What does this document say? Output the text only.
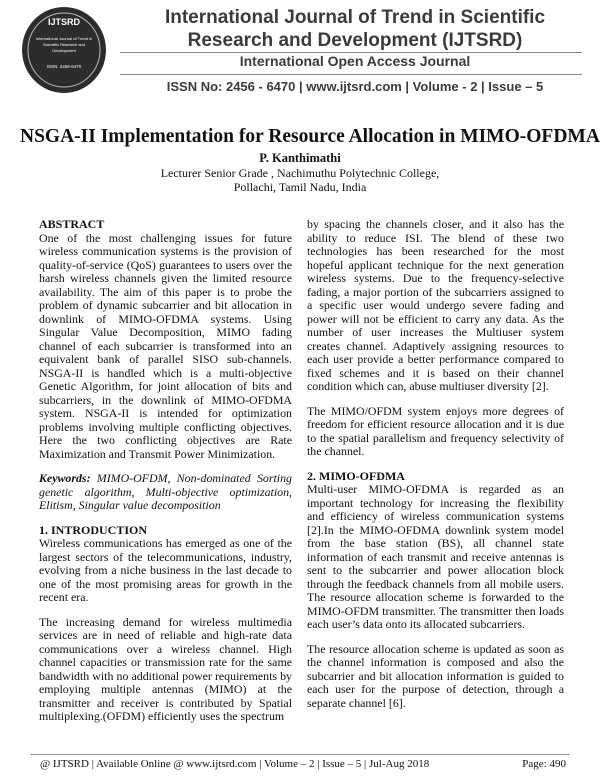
IJTSRD
International Journal of Trend in
Scientific Research and
Development
ISSN: 2456-6470
International Journal of Trend in Scientific
Research and Development (IJTSRD)
International Open Access Journal
ISSN No: 2456 - 6470 | www.ijtsrd.com | Volume - 2 | Issue – 5
NSGA-II Implementation for Resource Allocation in MIMO-OFDMA
P. Kanthimathi
Lecturer Senior Grade , Nachimuthu Polytechnic College,
Pollachi, Tamil Nadu, India
ABSTRACT

One of the most challenging issues for future wireless communication systems is the provision of quality-of-service (QoS) guarantees to users over the harsh wireless channels given the limited resource availability. The aim of this paper is to probe the problem of dynamic subcarrier and bit allocation in downlink of MIMO-OFDMA systems. Using Singular Value Decomposition, MIMO fading channel of each subcarrier is transformed into an equivalent bank of parallel SISO sub-channels. NSGA-II is handled which is a multi-objective Genetic Algorithm, for joint allocation of bits and subcarriers, in the downlink of MIMO-OFDMA system. NSGA-II is intended for optimization problems involving multiple conflicting objectives. Here the two conflicting objectives are Rate Maximization and Transmit Power Minimization.

Keywords: MIMO-OFDM, Non-dominated Sorting genetic algorithm, Multi-objective optimization, Elitism, Singular value decomposition

1. INTRODUCTION

Wireless communications has emerged as one of the largest sectors of the telecommunications, industry, evolving from a niche business in the last decade to one of the most promising areas for growth in the recent era.

The increasing demand for wireless multimedia services are in need of reliable and high-rate data communications over a wireless channel. High channel capacities or transmission rate for the same bandwidth with no additional power requirements by employing multiple antennas (MIMO) at the transmitter and receiver is contributed by Spatial multiplexing.(OFDM) efficiently uses the spectrum

by spacing the channels closer, and it also has the ability to reduce ISI. The blend of these two technologies has been researched for the most hopeful applicant technique for the next generation wireless systems. Due to the frequency-selective fading, a major portion of the subcarriers assigned to a specific user would undergo severe fading and power will not be efficient to carry any data. As the number of user increases the Multiuser system creates channel. Adaptively assigning resources to each user provide a better performance compared to fixed schemes and it is based on their channel condition which can, abuse multiuser diversity [2].

The MIMO/OFDM system enjoys more degrees of freedom for efficient resource allocation and it is due to the spatial parallelism and frequency selectivity of the channel.

2. MIMO-OFDMA

Multi-user MIMO-OFDMA is regarded as an important technology for increasing the flexibility and efficiency of wireless communication systems [2].In the MIMO-OFDMA downlink system model from the base station (BS), all channel state information of each transmit and receive antennas is sent to the subcarrier and power allocation block through the feedback channels from all mobile users. The resource allocation scheme is forwarded to the MIMO-OFDM transmitter. The transmitter then loads each user’s data onto its allocated subcarriers.

The resource allocation scheme is updated as soon as the channel information is composed and also the subcarrier and bit allocation information is guided to each user for the purpose of detection, through a separate channel [6].

@ IJTSRD | Available Online @ www.ijtsrd.com | Volume – 2 | Issue – 5 | Jul-Aug 2018	Page: 490
